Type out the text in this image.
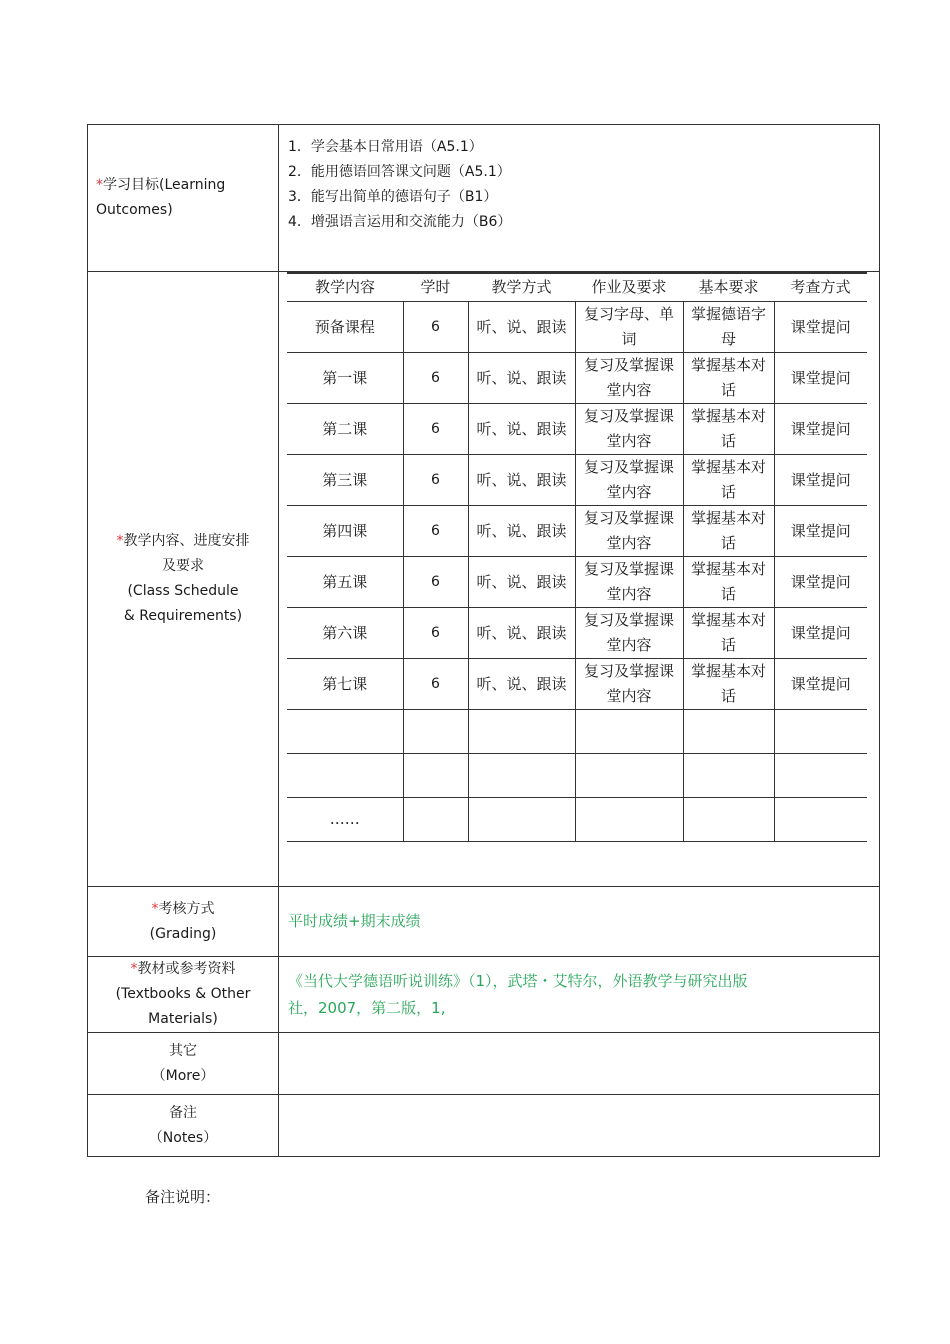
*学习目标(Learning
Outcomes)	
1．学会基本日常用语（A5.1）
2．能用德语回答课文问题（A5.1）
3．能写出简单的德语句子（B1）
4．增强语言运用和交流能力（B6）

*教学内容、进度安排
及要求
(Class Schedule
& Requirements)	
教学内容	学时	教学方式	作业及要求	基本要求	考查方式
预备课程	6	听、说、跟读	复习字母、单词	掌握德语字母	课堂提问
第一课	6	听、说、跟读	复习及掌握课堂内容	掌握基本对话	课堂提问
第二课	6	听、说、跟读	复习及掌握课堂内容	掌握基本对话	课堂提问
第三课	6	听、说、跟读	复习及掌握课堂内容	掌握基本对话	课堂提问
第四课	6	听、说、跟读	复习及掌握课堂内容	掌握基本对话	课堂提问
第五课	6	听、说、跟读	复习及掌握课堂内容	掌握基本对话	课堂提问
第六课	6	听、说、跟读	复习及掌握课堂内容	掌握基本对话	课堂提问
第七课	6	听、说、跟读	复习及掌握课堂内容	掌握基本对话	课堂提问

……					

*考核方式
(Grading)	平时成绩+期末成绩
*教材或参考资料
(Textbooks & Other
Materials)	《当代大学德语听说训练》（1），武塔・艾特尔，外语教学与研究出版
社，2007，第二版，1,
其它
（More）	
备注
（Notes）	
备注说明：
